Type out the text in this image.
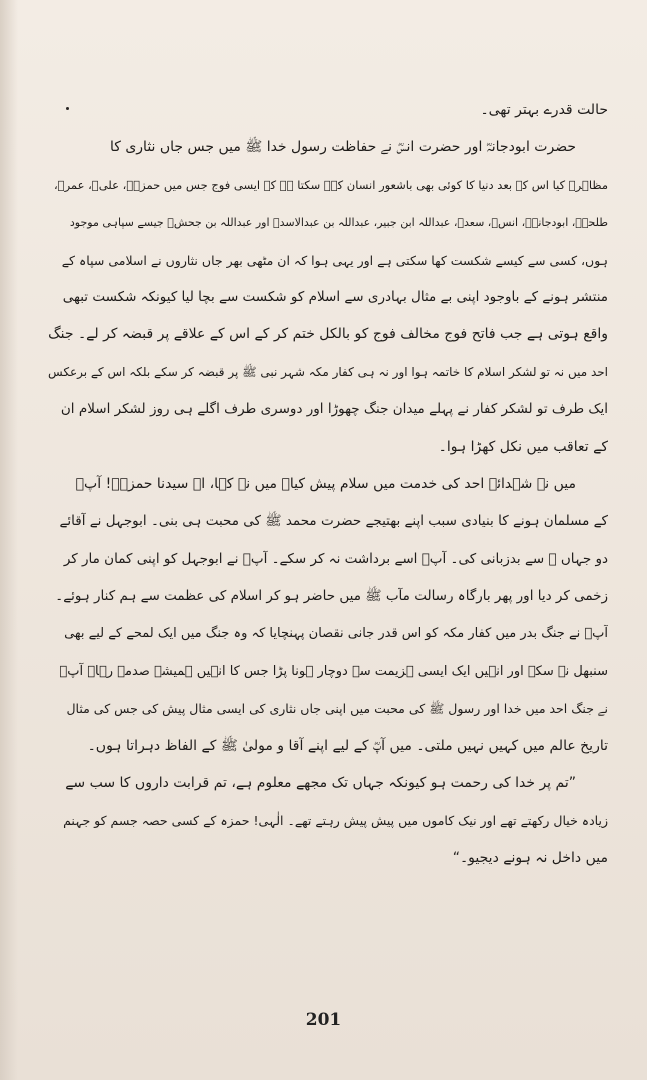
حالت قدرے بہتر تھی۔
حضرت ابودجانہؓ اور حضرت انسؓ نے حفاظت رسول خدا ﷺ میں جس جاں نثاری کا
مظاہرہ کیا اس کے بعد دنیا کا کوئی بھی باشعور انسان کہہ سکتا ہے کہ ایسی فوج جس میں حمزہؓ، علیؓ، عمرؓ،
طلحہؓ، ابودجانہؓ، انسؓ، سعدؓ، عبداللہ ابن جبیر، عبداللہ بن عبدالاسدؓ اور عبداللہ بن جحشؓ جیسے سپاہی موجود
ہوں، کسی سے کیسے شکست کھا سکتی ہے اور یہی ہوا کہ ان مٹھی بھر جاں نثاروں نے اسلامی سپاہ کے
منتشر ہونے کے باوجود اپنی بے مثال بہادری سے اسلام کو شکست سے بچا لیا کیونکہ شکست تبھی
واقع ہوتی ہے جب فاتح فوج مخالف فوج کو بالکل ختم کر کے اس کے علاقے پر قبضہ کر لے۔ جنگ
احد میں نہ تو لشکر اسلام کا خاتمہ ہوا اور نہ ہی کفار مکہ شہر نبی ﷺ پر قبضہ کر سکے بلکہ اس کے برعکس
ایک طرف تو لشکر کفار نے پہلے میدان جنگ چھوڑا اور دوسری طرف اگلے ہی روز لشکر اسلام ان
کے تعاقب میں نکل کھڑا ہوا۔
میں نے شہدائے احد کی خدمت میں سلام پیش کیا۔ میں نے کہا، اے سیدنا حمزہؓ! آپؓ
کے مسلمان ہونے کا بنیادی سبب اپنے بھتیجے حضرت محمد ﷺ کی محبت ہی بنی۔ ابوجہل نے آقائے
دو جہاں ﷺ سے بدزبانی کی۔ آپؓ اسے برداشت نہ کر سکے۔ آپؓ نے ابوجہل کو اپنی کمان مار کر
زخمی کر دیا اور پھر بارگاہ رسالت مآب ﷺ میں حاضر ہو کر اسلام کی عظمت سے ہم کنار ہوئے۔
آپؓ نے جنگ بدر میں کفار مکہ کو اس قدر جانی نقصان پہنچایا کہ وہ جنگ میں ایک لمحے کے لیے بھی
سنبھل نہ سکے اور انہیں ایک ایسی ہزیمت سے دوچار ہونا پڑا جس کا انہیں ہمیشہ صدمہ رہا۔ آپؓ
نے جنگ احد میں خدا اور رسول ﷺ کی محبت میں اپنی جاں نثاری کی ایسی مثال پیش کی جس کی مثال
تاریخ عالم میں کہیں نہیں ملتی۔ میں آپؓ کے لیے اپنے آقا و مولیٰ ﷺ کے الفاظ دہراتا ہوں۔
”تم پر خدا کی رحمت ہو کیونکہ جہاں تک مجھے معلوم ہے، تم قرابت داروں کا سب سے
زیادہ خیال رکھتے تھے اور نیک کاموں میں پیش پیش رہتے تھے۔ الٰہی! حمزہ کے کسی حصہ جسم کو جہنم
میں داخل نہ ہونے دیجیو۔“
201
